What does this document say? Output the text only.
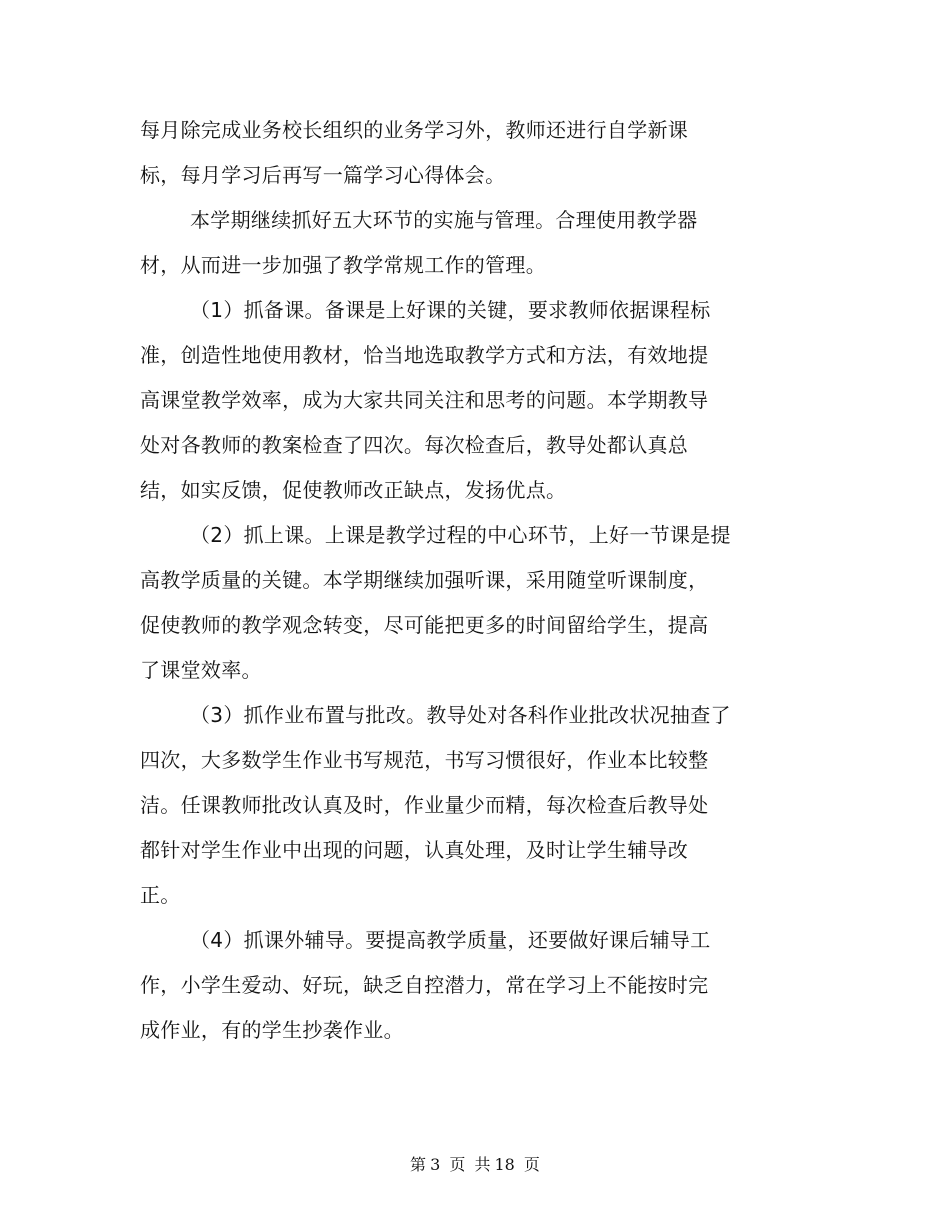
每月除完成业务校长组织的业务学习外，教师还进行自学新课
标，每月学习后再写一篇学习心得体会。

本学期继续抓好五大环节的实施与管理。合理使用教学器
材，从而进一步加强了教学常规工作的管理。

（1）抓备课。备课是上好课的关键，要求教师依据课程标
准，创造性地使用教材，恰当地选取教学方式和方法，有效地提
高课堂教学效率，成为大家共同关注和思考的问题。本学期教导
处对各教师的教案检查了四次。每次检查后，教导处都认真总
结，如实反馈，促使教师改正缺点，发扬优点。

（2）抓上课。上课是教学过程的中心环节，上好一节课是提
高教学质量的关键。本学期继续加强听课，采用随堂听课制度，
促使教师的教学观念转变，尽可能把更多的时间留给学生，提高
了课堂效率。

（3）抓作业布置与批改。教导处对各科作业批改状况抽查了
四次，大多数学生作业书写规范，书写习惯很好，作业本比较整
洁。任课教师批改认真及时，作业量少而精，每次检查后教导处
都针对学生作业中出现的问题，认真处理，及时让学生辅导改
正。

（4）抓课外辅导。要提高教学质量，还要做好课后辅导工
作，小学生爱动、好玩，缺乏自控潜力，常在学习上不能按时完
成作业，有的学生抄袭作业。

第 3 页 共 18 页
